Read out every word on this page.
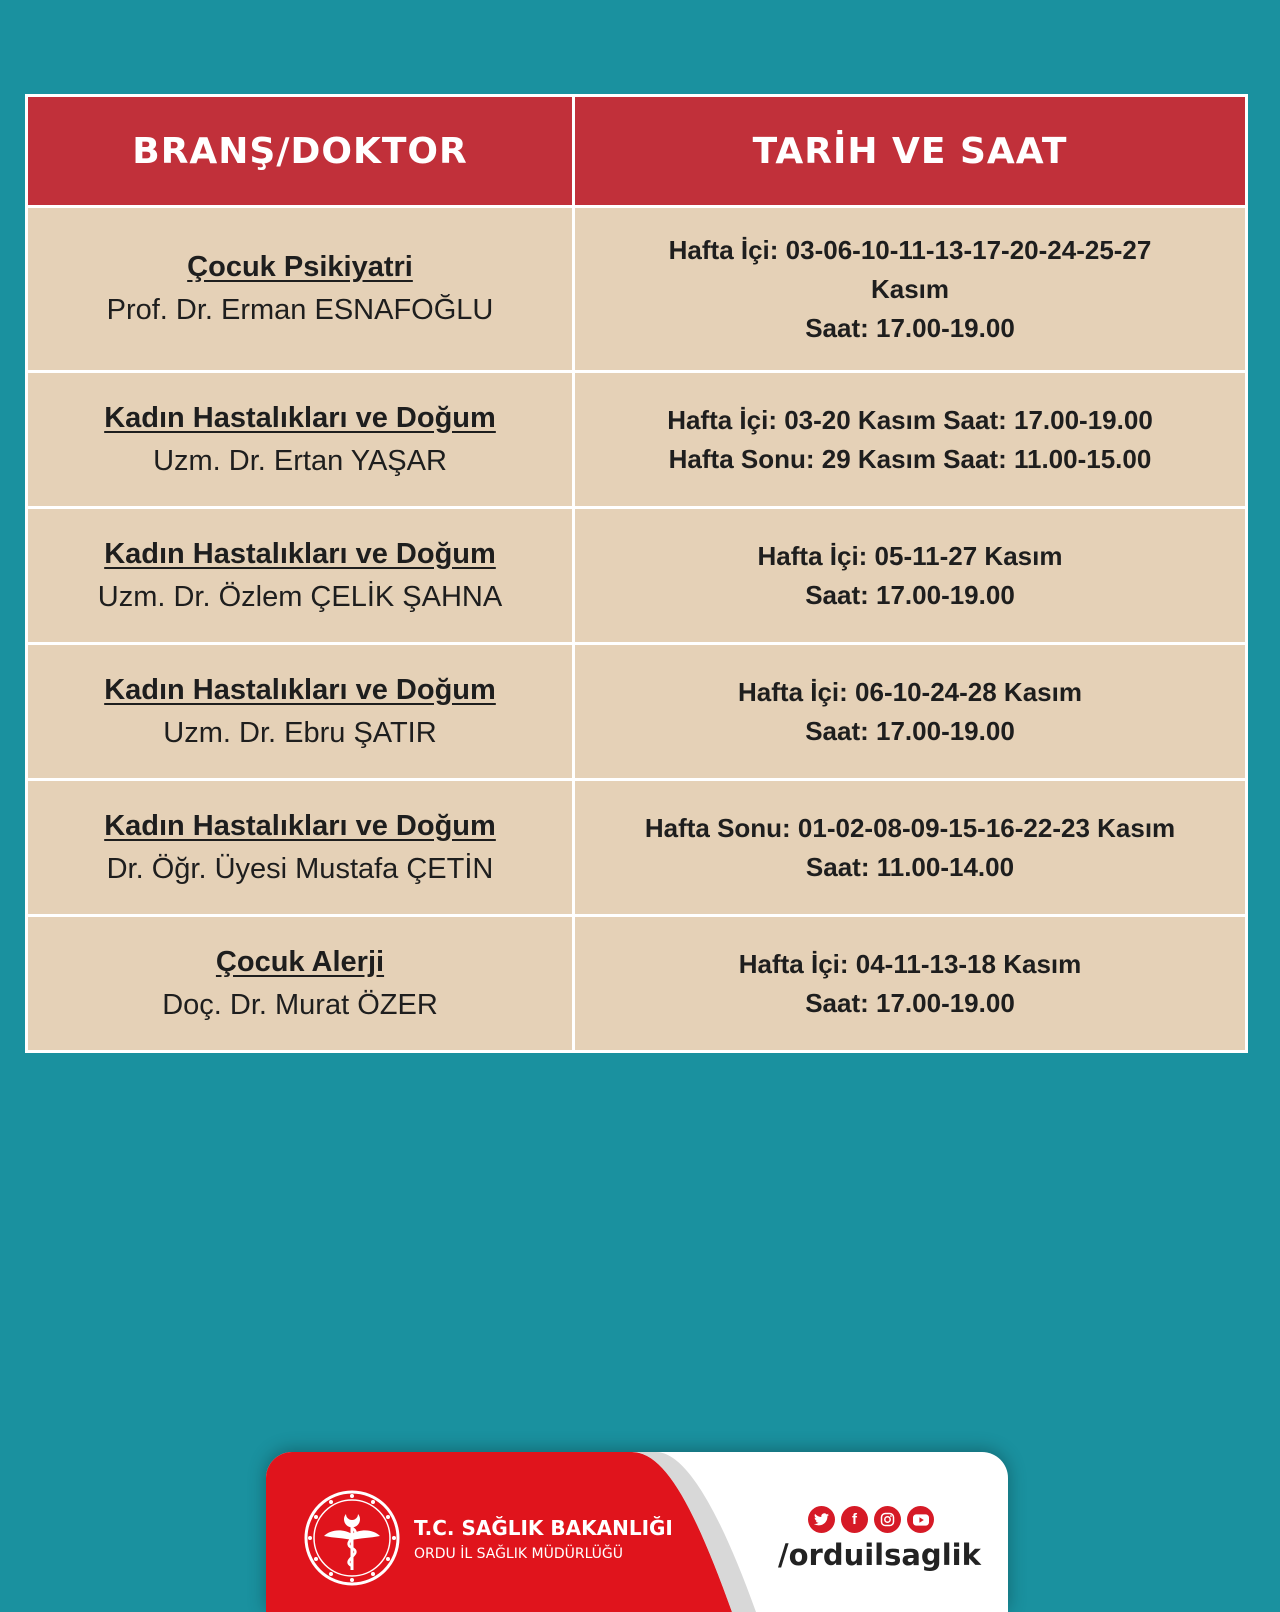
BRANŞ/DOKTOR	TARİH VE SAAT

Çocuk Psikiyatri
Prof. Dr. Erman ESNAFOĞLU	Hafta İçi: 03-06-10-11-13-17-20-24-25-27
Kasım
Saat: 17.00-19.00

Kadın Hastalıkları ve Doğum
Uzm. Dr. Ertan YAŞAR	Hafta İçi: 03-20 Kasım Saat: 17.00-19.00
Hafta Sonu: 29 Kasım Saat: 11.00-15.00

Kadın Hastalıkları ve Doğum
Uzm. Dr. Özlem ÇELİK ŞAHNA	Hafta İçi: 05-11-27 Kasım
Saat: 17.00-19.00

Kadın Hastalıkları ve Doğum
Uzm. Dr. Ebru ŞATIR	Hafta İçi: 06-10-24-28 Kasım
Saat: 17.00-19.00

Kadın Hastalıkları ve Doğum
Dr. Öğr. Üyesi Mustafa ÇETİN	Hafta Sonu: 01-02-08-09-15-16-22-23 Kasım
Saat: 11.00-14.00

Çocuk Alerji
Doç. Dr. Murat ÖZER	Hafta İçi: 04-11-13-18 Kasım
Saat: 17.00-19.00
T.C. SAĞLIK BAKANLIĞI
ORDU İL SAĞLIK MÜDÜRLÜĞÜ
f
/orduilsaglik
